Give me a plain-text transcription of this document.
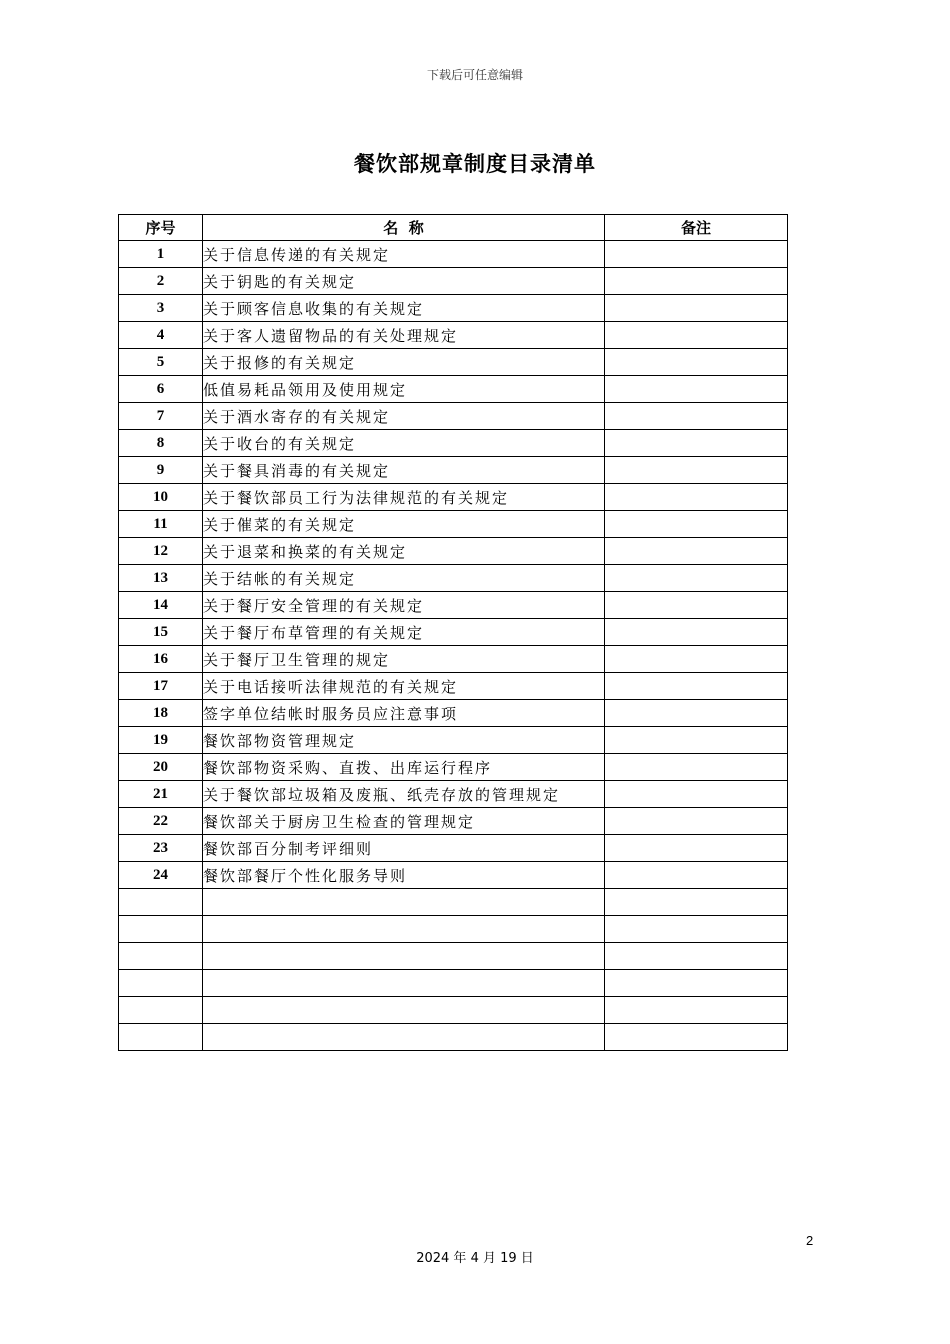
下载后可任意编辑
餐饮部规章制度目录清单
序号	名  称	备注
1	关于信息传递的有关规定	
2	关于钥匙的有关规定	
3	关于顾客信息收集的有关规定	
4	关于客人遗留物品的有关处理规定	
5	关于报修的有关规定	
6	低值易耗品领用及使用规定	
7	关于酒水寄存的有关规定	
8	关于收台的有关规定	
9	关于餐具消毒的有关规定	
10	关于餐饮部员工行为法律规范的有关规定	
11	关于催菜的有关规定	
12	关于退菜和换菜的有关规定	
13	关于结帐的有关规定	
14	关于餐厅安全管理的有关规定	
15	关于餐厅布草管理的有关规定	
16	关于餐厅卫生管理的规定	
17	关于电话接听法律规范的有关规定	
18	签字单位结帐时服务员应注意事项	
19	餐饮部物资管理规定	
20	餐饮部物资采购、直拨、出库运行程序	
21	关于餐饮部垃圾箱及废瓶、纸壳存放的管理规定	
22	餐饮部关于厨房卫生检查的管理规定	
23	餐饮部百分制考评细则	
24	餐饮部餐厅个性化服务导则	

2
2024 年 4 月 19 日
